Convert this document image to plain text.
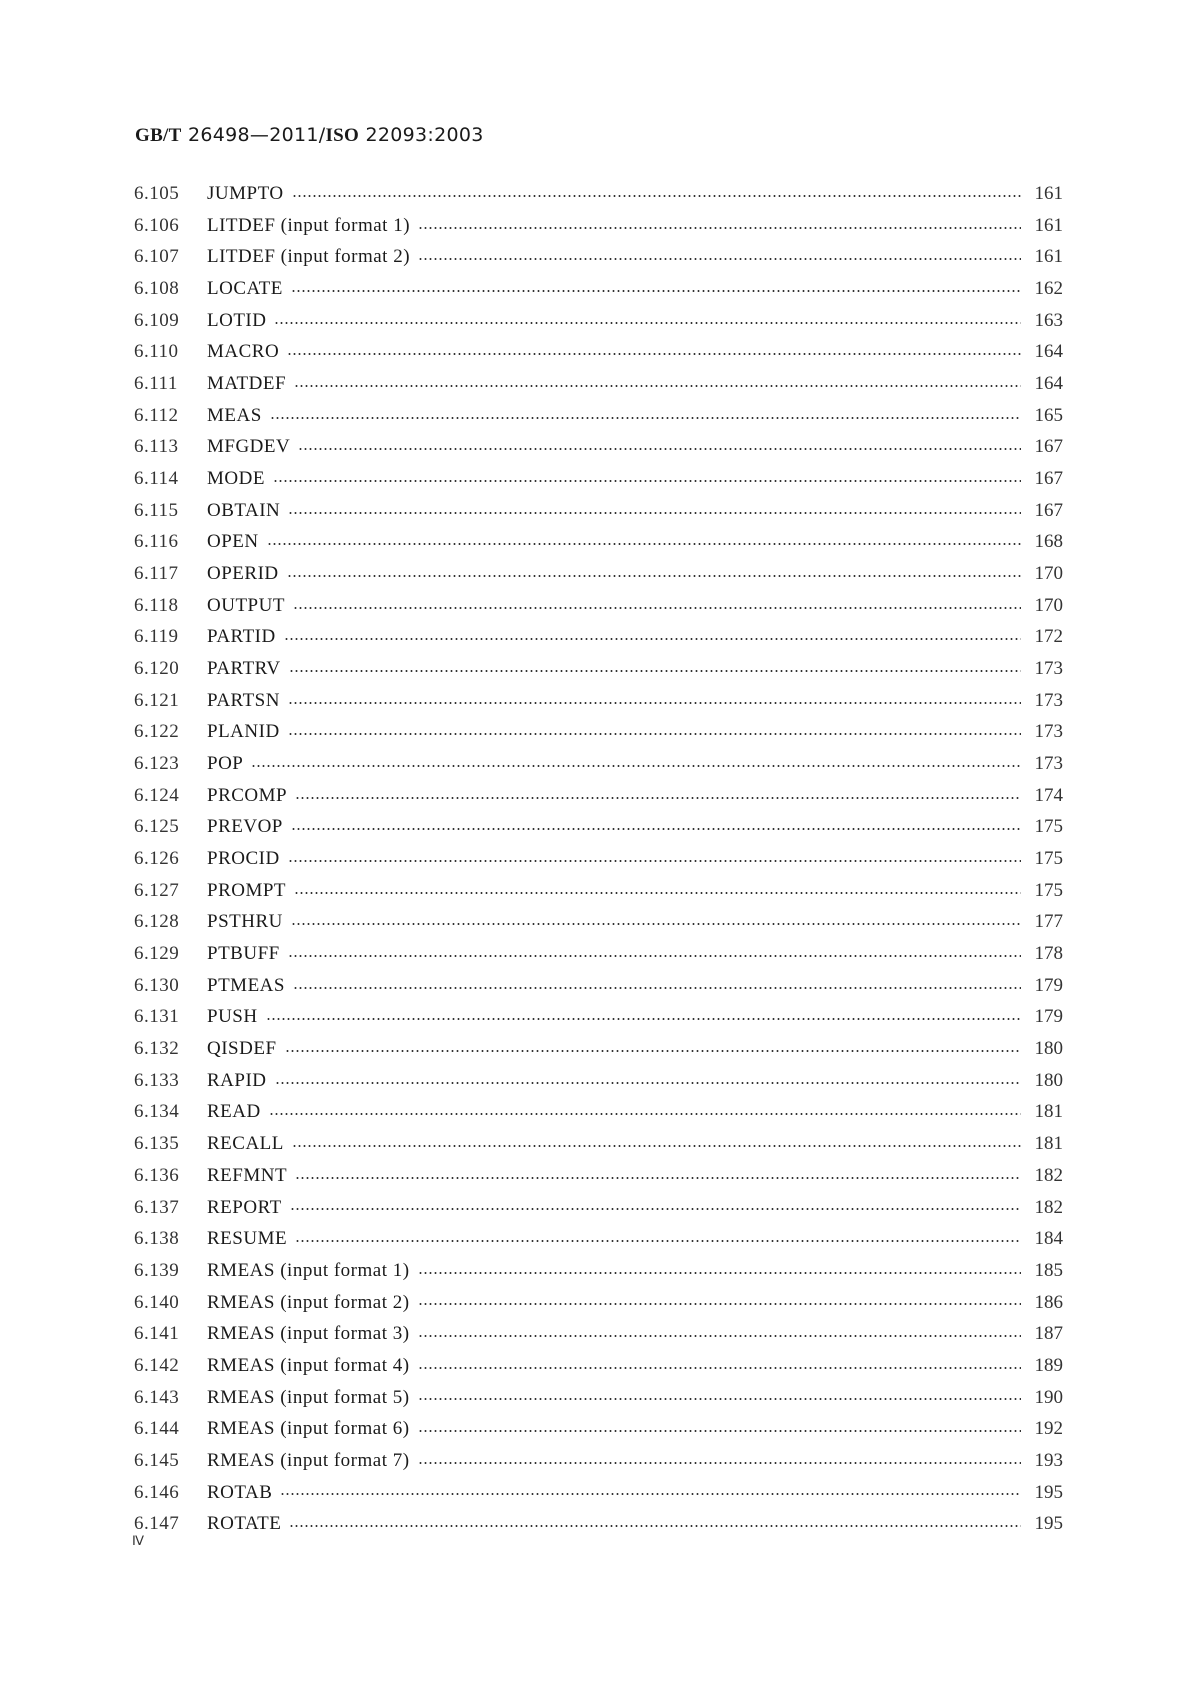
GB/T 26498—2011/ISO 22093:2003
6.105	JUMPTO	161
6.106	LITDEF (input format 1)	161
6.107	LITDEF (input format 2)	161
6.108	LOCATE	162
6.109	LOTID	163
6.110	MACRO	164
6.111	MATDEF	164
6.112	MEAS	165
6.113	MFGDEV	167
6.114	MODE	167
6.115	OBTAIN	167
6.116	OPEN	168
6.117	OPERID	170
6.118	OUTPUT	170
6.119	PARTID	172
6.120	PARTRV	173
6.121	PARTSN	173
6.122	PLANID	173
6.123	POP	173
6.124	PRCOMP	174
6.125	PREVOP	175
6.126	PROCID	175
6.127	PROMPT	175
6.128	PSTHRU	177
6.129	PTBUFF	178
6.130	PTMEAS	179
6.131	PUSH	179
6.132	QISDEF	180
6.133	RAPID	180
6.134	READ	181
6.135	RECALL	181
6.136	REFMNT	182
6.137	REPORT	182
6.138	RESUME	184
6.139	RMEAS (input format 1)	185
6.140	RMEAS (input format 2)	186
6.141	RMEAS (input format 3)	187
6.142	RMEAS (input format 4)	189
6.143	RMEAS (input format 5)	190
6.144	RMEAS (input format 6)	192
6.145	RMEAS (input format 7)	193
6.146	ROTAB	195
6.147	ROTATE	195
Ⅳ
